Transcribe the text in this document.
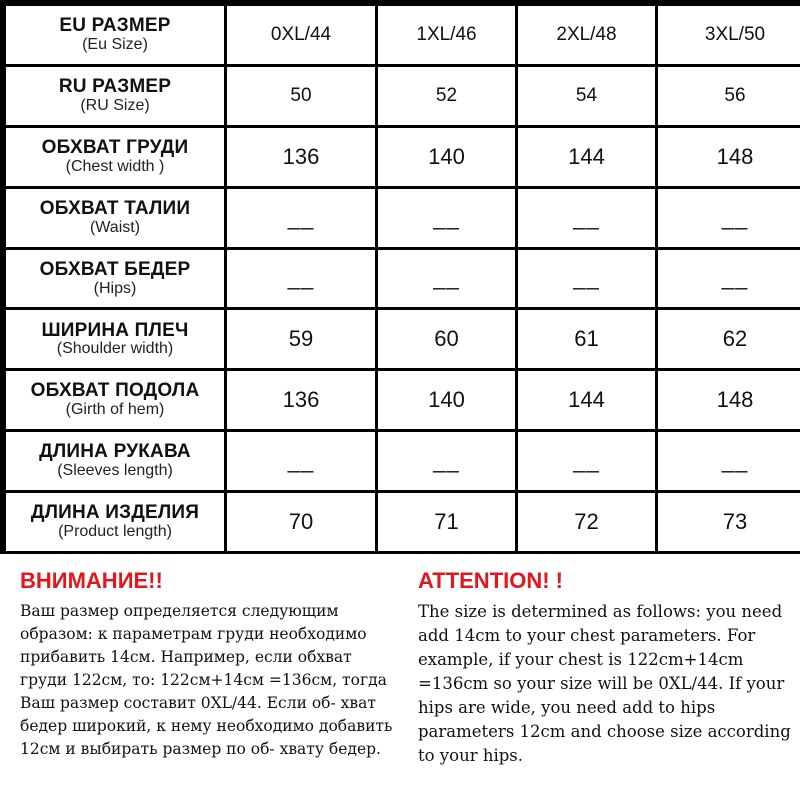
EU РАЗМЕР
(Eu Size)	0XL/44	1XL/46	2XL/48	3XL/50
RU РАЗМЕР
(RU Size)	50	52	54	56
ОБХВАТ ГРУДИ
(Chest width )	136	140	144	148
ОБХВАТ ТАЛИИ
(Waist)	__	__	__	__
ОБХВАТ БЕДЕР
(Hips)	__	__	__	__
ШИРИНА ПЛЕЧ
(Shoulder width)	59	60	61	62
ОБХВАТ ПОДОЛА
(Girth of hem)	136	140	144	148
ДЛИНА РУКАВА
(Sleeves length)	__	__	__	__
ДЛИНА ИЗДЕЛИЯ
(Product length)	70	71	72	73
ВНИМАНИЕ!!
Ваш размер определяется следующим образом: к параметрам груди необходимо прибавить 14см. Например, если обхват груди 122см, то: 122см+14см =136см, тогда Ваш размер составит 0XL/44. Если об- хват бедер широкий, к нему необходимо добавить 12см и выбирать размер по об- хвату бедер.
ATTENTION! !
The size is determined as follows: you need add 14cm to your chest parameters. For example, if your chest is 122cm+14cm =136cm so your size will be 0XL/44. If your hips are wide, you need add to hips parameters 12cm and choose size according to your hips.
